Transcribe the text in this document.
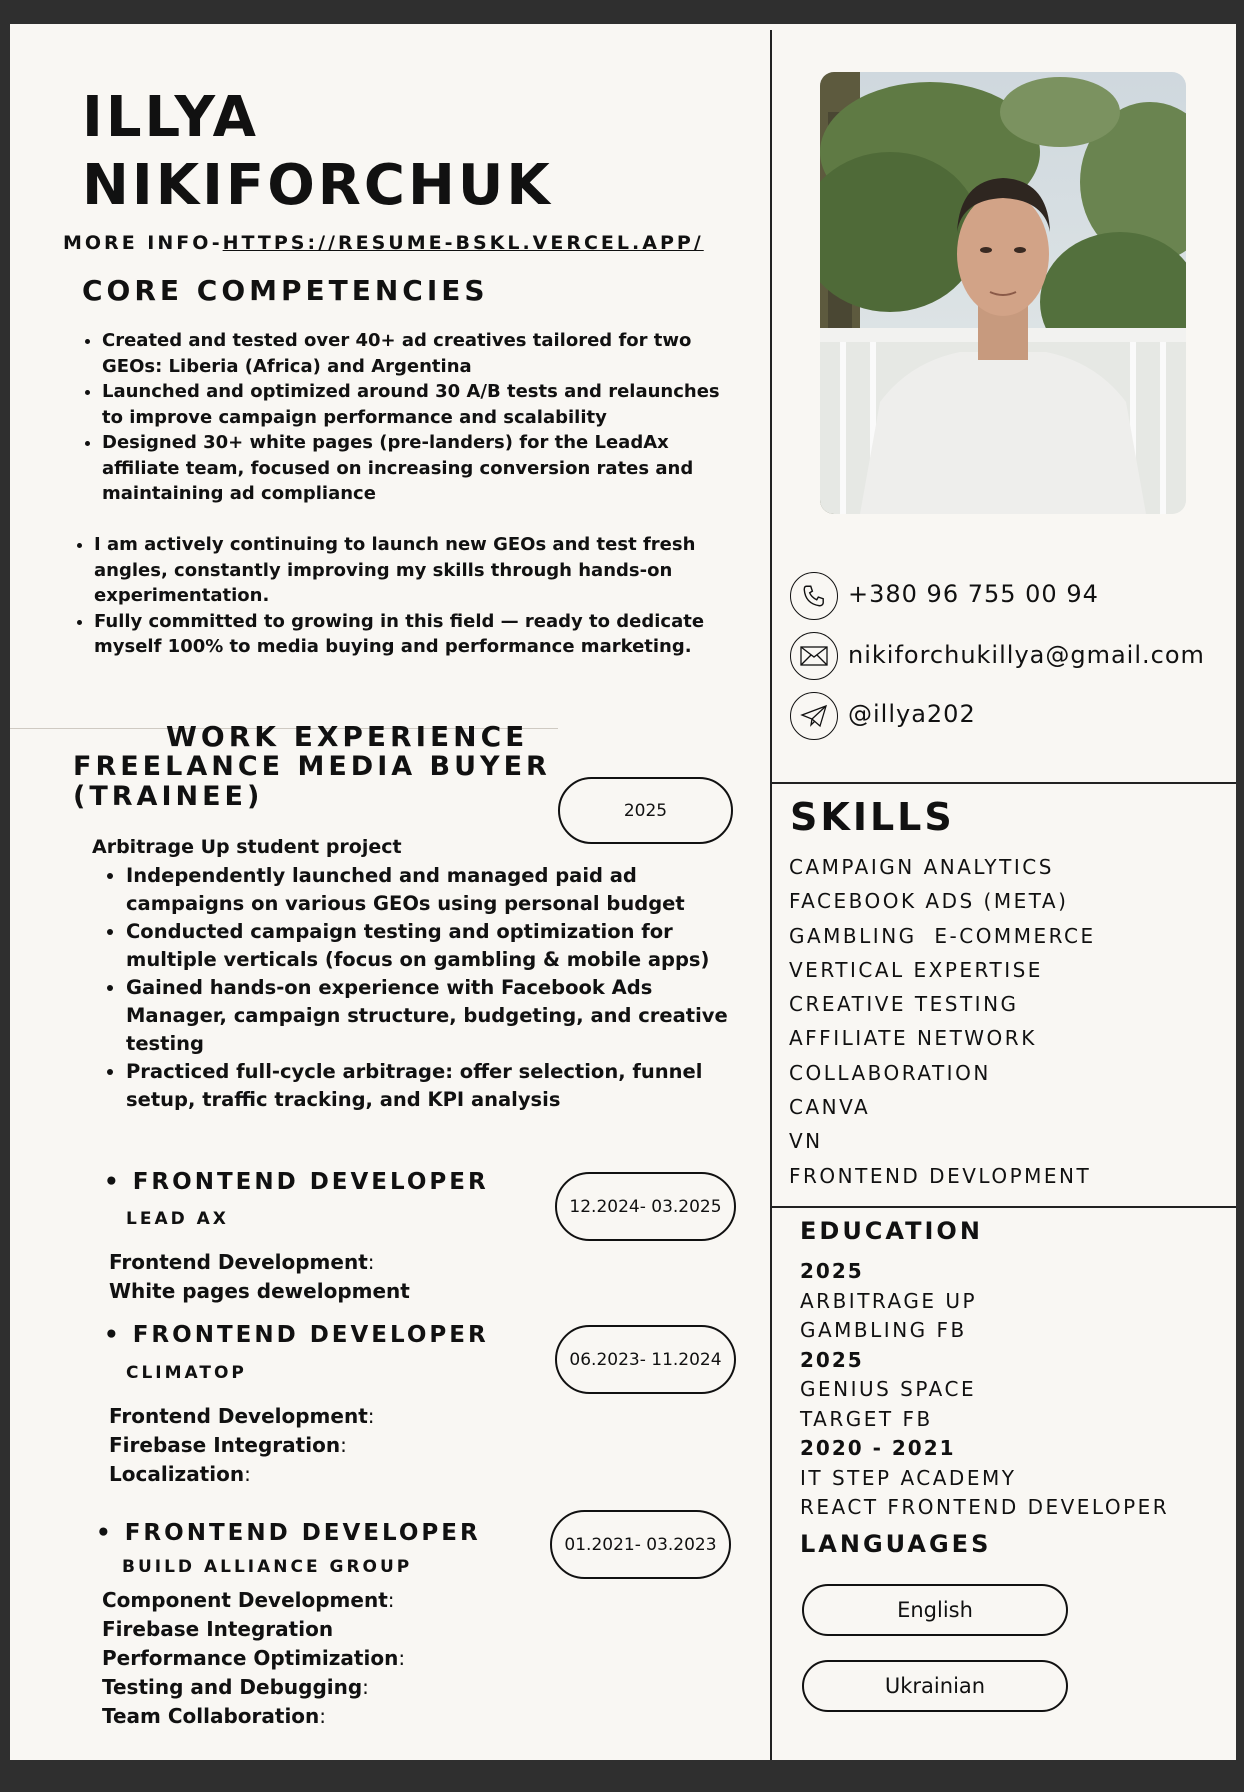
ILLYA
NIKIFORCHUK
MORE INFO-HTTPS://RESUME-BSKL.VERCEL.APP/
CORE COMPETENCIES
• Created and tested over 40+ ad creatives tailored for two GEOs: Liberia (Africa) and Argentina
• Launched and optimized around 30 A/B tests and relaunches to improve campaign performance and scalability
• Designed 30+ white pages (pre-landers) for the LeadAx affiliate team, focused on increasing conversion rates and maintaining ad compliance
• I am actively continuing to launch new GEOs and test fresh angles, constantly improving my skills through hands-on experimentation.
• Fully committed to growing in this field — ready to dedicate myself 100% to media buying and performance marketing.
WORK EXPERIENCE
FREELANCE MEDIA BUYER (TRAINEE)	2025
Arbitrage Up student project
• Independently launched and managed paid ad campaigns on various GEOs using personal budget
• Conducted campaign testing and optimization for multiple verticals (focus on gambling & mobile apps)
• Gained hands-on experience with Facebook Ads Manager, campaign structure, budgeting, and creative testing
• Practiced full-cycle arbitrage: offer selection, funnel setup, traffic tracking, and KPI analysis
• FRONTEND DEVELOPER
LEAD AX
12.2024- 03.2025
Frontend Development:
White pages dewelopment
• FRONTEND DEVELOPER
CLIMATOP
06.2023- 11.2024
Frontend Development:
Firebase Integration:
Localization:
• FRONTEND DEVELOPER
BUILD ALLIANCE GROUP
01.2021- 03.2023
Component Development:
Firebase Integration
Performance Optimization:
Testing and Debugging:
Team Collaboration:
+380 96 755 00 94
nikiforchukillya@gmail.com
@illya202
SKILLS
CAMPAIGN ANALYTICS
FACEBOOK ADS (META)
GAMBLING  E-COMMERCE
VERTICAL EXPERTISE
CREATIVE TESTING
AFFILIATE NETWORK
COLLABORATION
CANVA
VN
FRONTEND DEVLOPMENT
EDUCATION
2025
ARBITRAGE UP
GAMBLING FB
2025
GENIUS SPACE
TARGET FB
2020 - 2021
IT STEP ACADEMY
REACT FRONTEND DEVELOPER
LANGUAGES
English
Ukrainian
